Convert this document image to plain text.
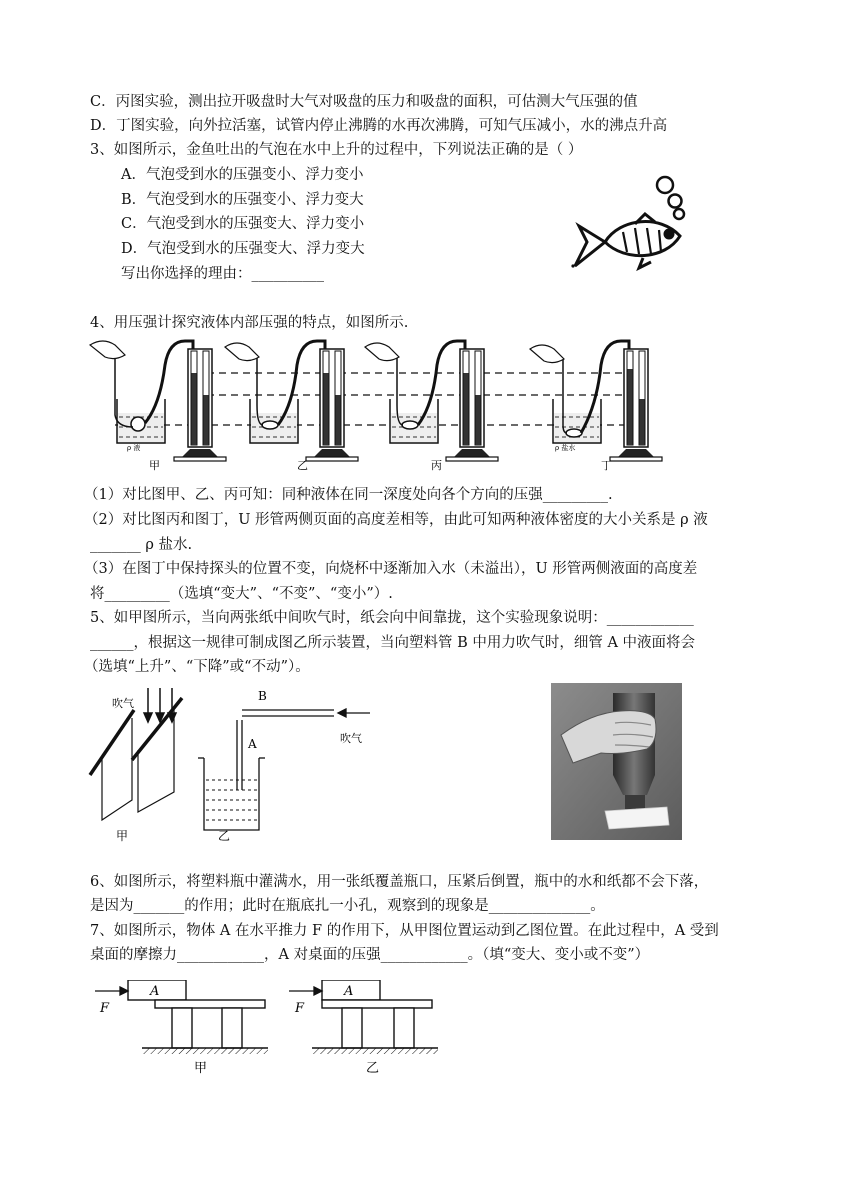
C．丙图实验，测出拉开吸盘时大气对吸盘的压力和吸盘的面积，可估测大气压强的值
D．丁图实验，向外拉活塞，试管内停止沸腾的水再次沸腾，可知气压减小，水的沸点升高
3、如图所示，金鱼吐出的气泡在水中上升的过程中，下列说法正确的是（ ）
A．气泡受到水的压强变小、浮力变小
B．气泡受到水的压强变小、浮力变大
C．气泡受到水的压强变大、浮力变小
D．气泡受到水的压强变大、浮力变大
写出你选择的理由：__________
4、用压强计探究液体内部压强的特点，如图所示.
（1）对比图甲、乙、丙可知：同种液体在同一深度处向各个方向的压强_________.
（2）对比图丙和图丁，U 形管两侧页面的高度差相等，由此可知两种液体密度的大小关系是 ρ 液
_______ ρ 盐水.
（3）在图丁中保持探头的位置不变，向烧杯中逐渐加入水（未溢出），U 形管两侧液面的高度差
将_________（选填“变大”、“不变”、“变小”）.
5、如甲图所示，当向两张纸中间吹气时，纸会向中间靠拢，这个实验现象说明：____________
______，根据这一规律可制成图乙所示装置，当向塑料管 B 中用力吹气时，细管 A 中液面将会
（选填“上升”、“下降”或“不动”）。
6、如图所示，将塑料瓶中灌满水，用一张纸覆盖瓶口，压紧后倒置，瓶中的水和纸都不会下落，
是因为_______的作用；此时在瓶底扎一小孔，观察到的现象是______________。
7、如图所示，物体 A 在水平推力 F 的作用下，从甲图位置运动到乙图位置。在此过程中，A 受到
桌面的摩擦力____________，A 对桌面的压强____________。（填“变大、变小或不变”）
ρ 液	ρ 盐水
甲	乙	丙	丁
吹气
甲
B
A	吹气
乙
A
F
甲
A
F
乙
